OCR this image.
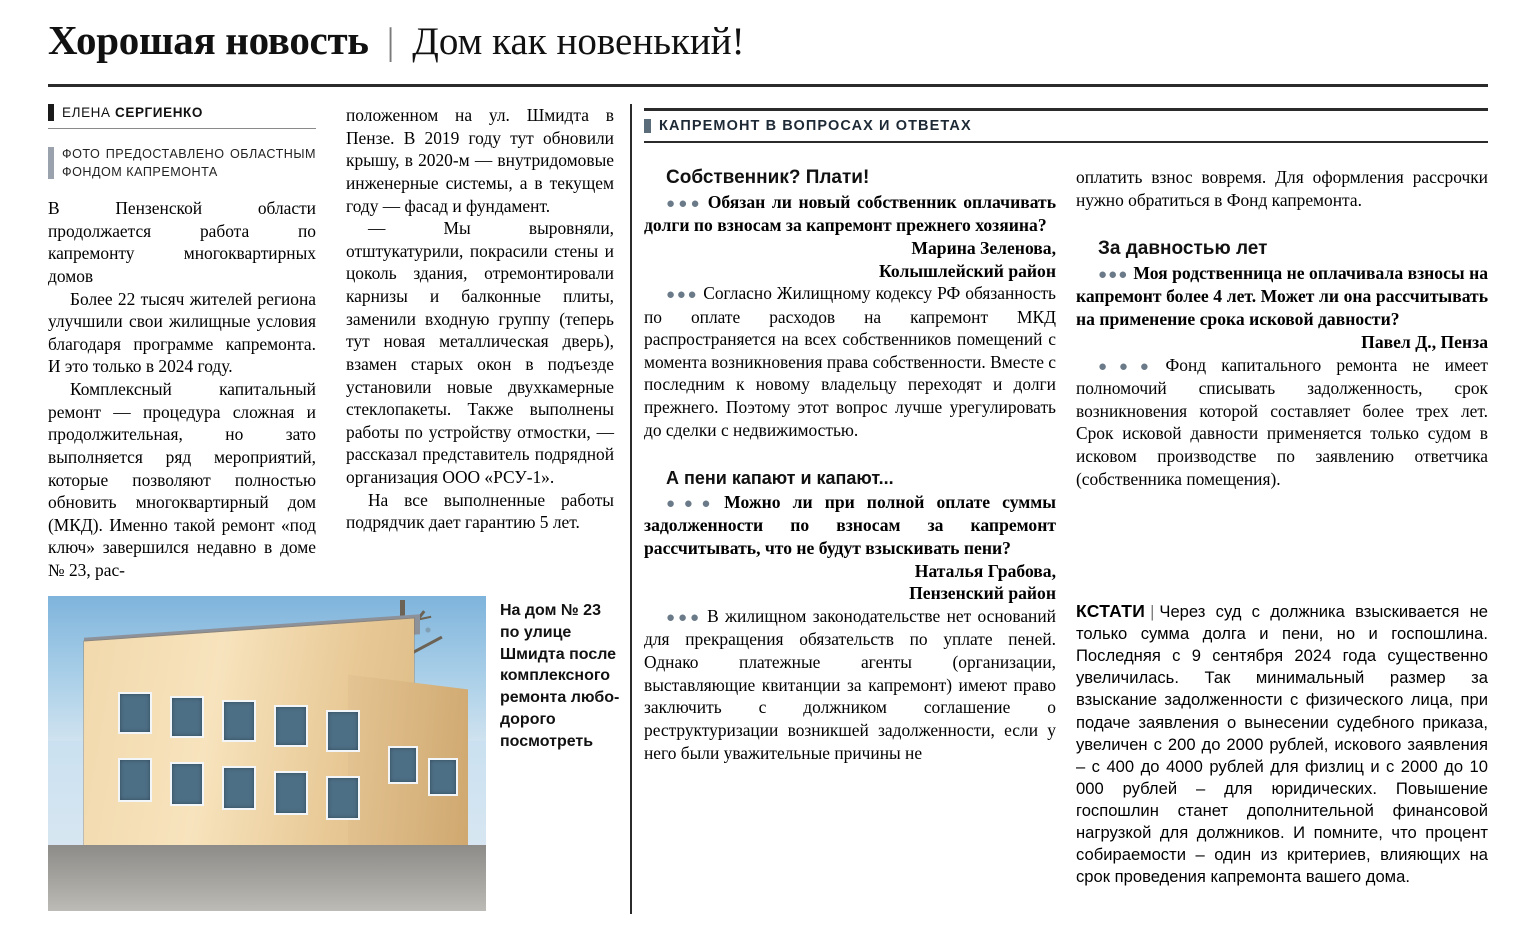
Хорошая новость | Дом как новенький!
ЕЛЕНА СЕРГИЕНКО
ФОТО ПРЕДОСТАВЛЕНО ОБЛАСТНЫМ ФОНДОМ КАПРЕМОНТА

В Пензенской области продолжается работа по капремонту многоквартирных домов

Более 22 тысяч жителей региона улучшили свои жилищные условия благодаря программе капремонта. И это только в 2024 году.

Комплексный капитальный ремонт — процедура сложная и продолжительная, но зато выполняется ряд мероприятий, которые позволяют полностью обновить многоквартирный дом (МКД). Именно такой ремонт «под ключ» завершился недавно в доме № 23, рас-

положенном на ул. Шмидта в Пензе. В 2019 году тут обновили крышу, в 2020-м — внутридомовые инженерные системы, а в текущем году — фасад и фундамент.

— Мы выровняли, отштукатурили, покрасили стены и цоколь здания, отремонтировали карнизы и балконные плиты, заменили входную группу (теперь тут новая металлическая дверь), взамен старых окон в подъезде установили новые двухкамерные стеклопакеты. Также выполнены работы по устройству отмостки, — рассказал представитель подрядной организация ООО «РСУ-1».

На все выполненные работы подрядчик дает гарантию 5 лет.

КАПРЕМОНТ В ВОПРОСАХ И ОТВЕТАХ

Собственник? Плати!

●●● Обязан ли новый собственник оплачивать долги по взносам за капремонт прежнего хозяина?

Марина Зеленова,

Колышлейский район

●●● Согласно Жилищному кодексу РФ обязанность по оплате расходов на капремонт МКД распространяется на всех собственников помещений с момента возникновения права собственности. Вместе с последним к новому владельцу переходят и долги прежнего. Поэтому этот вопрос лучше урегулировать до сделки с недвижимостью.

А пени капают и капают...

●●● Можно ли при полной оплате суммы задолженности по взносам за капремонт рассчитывать, что не будут взыскивать пени?

Наталья Грабова,

Пензенский район

●●● В жилищном законодательстве нет оснований для прекращения обязательств по уплате пеней. Однако платежные агенты (организации, выставляющие квитанции за капремонт) имеют право заключить с должником соглашение о реструктуризации возникшей задолженности, если у него были уважительные причины не

оплатить взнос вовремя. Для оформления рассрочки нужно обратиться в Фонд капремонта.

За давностью лет

●●● Моя родственница не оплачивала взносы на капремонт более 4 лет. Может ли она рассчитывать на применение срока исковой давности?

Павел Д., Пенза

●●● Фонд капитального ремонта не имеет полномочий списывать задолженность, срок возникновения которой составляет более трех лет. Срок исковой давности применяется только судом в исковом производстве по заявлению ответчика (собственника помещения).

КСТАТИ | Через суд с должника взыскивается не только сумма долга и пени, но и госпошлина. Последняя с 9 сентября 2024 года существенно увеличилась. Так минимальный размер за взыскание задолженности с физического лица, при подаче заявления о вынесении судебного приказа, увеличен с 200 до 2000 рублей, искового заявления – с 400 до 4000 рублей для физлиц и с 2000 до 10 000 рублей – для юридических. Повышение госпошлин станет дополнительной финансовой нагрузкой для должников. И помните, что процент собираемости – один из критериев, влияющих на срок проведения капремонта вашего дома.
На дом № 23 по улице Шмидта после комплексного ремонта любо-дорого посмотреть
